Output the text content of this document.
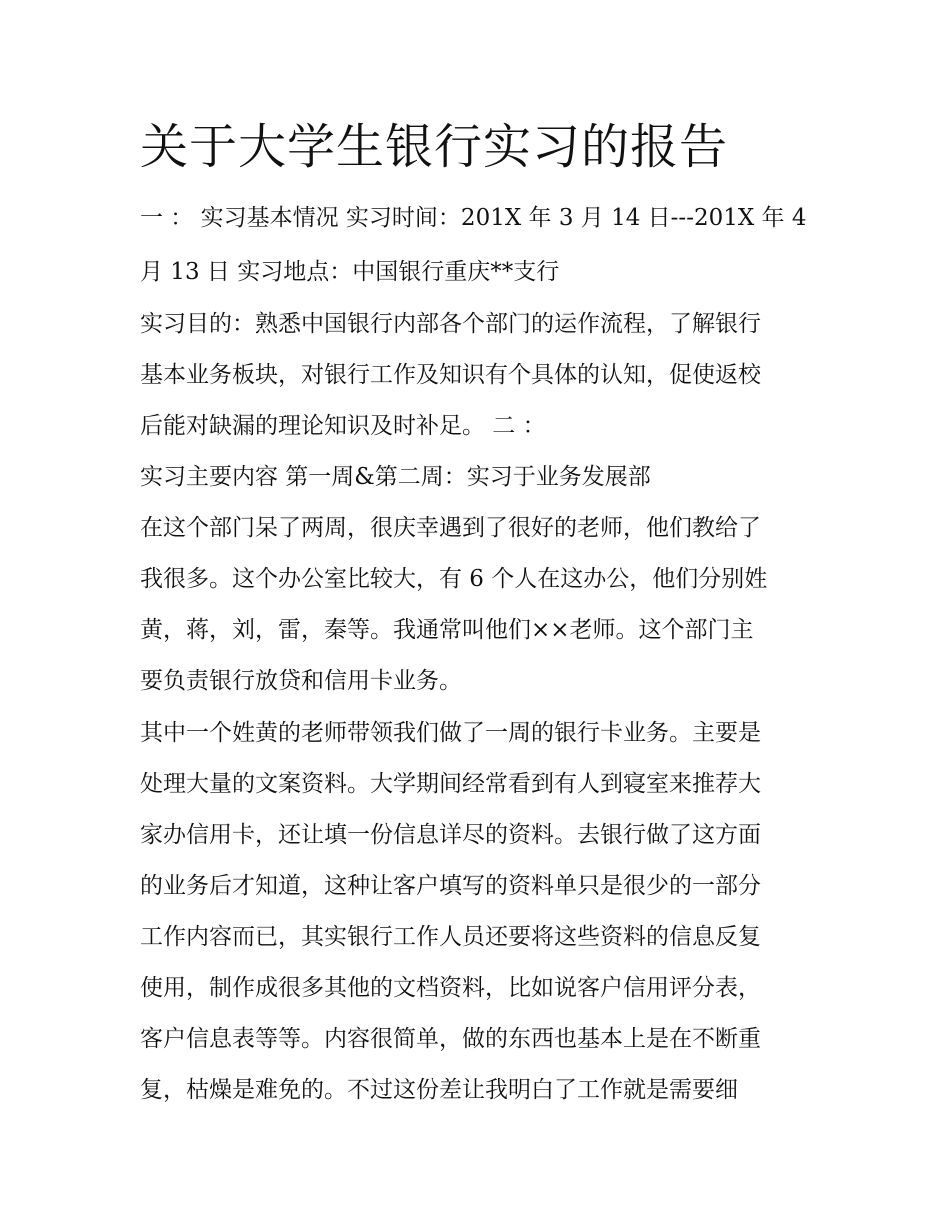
关于大学生银行实习的报告
一 ： 实习基本情况 实习时间：201X 年 3 月 14 日---201X 年 4
月 13 日 实习地点：中国银行重庆**支行
实习目的：熟悉中国银行内部各个部门的运作流程，了解银行
基本业务板块，对银行工作及知识有个具体的认知，促使返校
后能对缺漏的理论知识及时补足。 二 ：
实习主要内容 第一周&第二周：实习于业务发展部
在这个部门呆了两周，很庆幸遇到了很好的老师，他们教给了
我很多。这个办公室比较大，有 6 个人在这办公，他们分别姓
黄，蒋，刘，雷，秦等。我通常叫他们××老师。这个部门主
要负责银行放贷和信用卡业务。
其中一个姓黄的老师带领我们做了一周的银行卡业务。主要是
处理大量的文案资料。大学期间经常看到有人到寝室来推荐大
家办信用卡，还让填一份信息详尽的资料。去银行做了这方面
的业务后才知道，这种让客户填写的资料单只是很少的一部分
工作内容而已，其实银行工作人员还要将这些资料的信息反复
使用，制作成很多其他的文档资料，比如说客户信用评分表，
客户信息表等等。内容很简单，做的东西也基本上是在不断重
复，枯燥是难免的。不过这份差让我明白了工作就是需要细
